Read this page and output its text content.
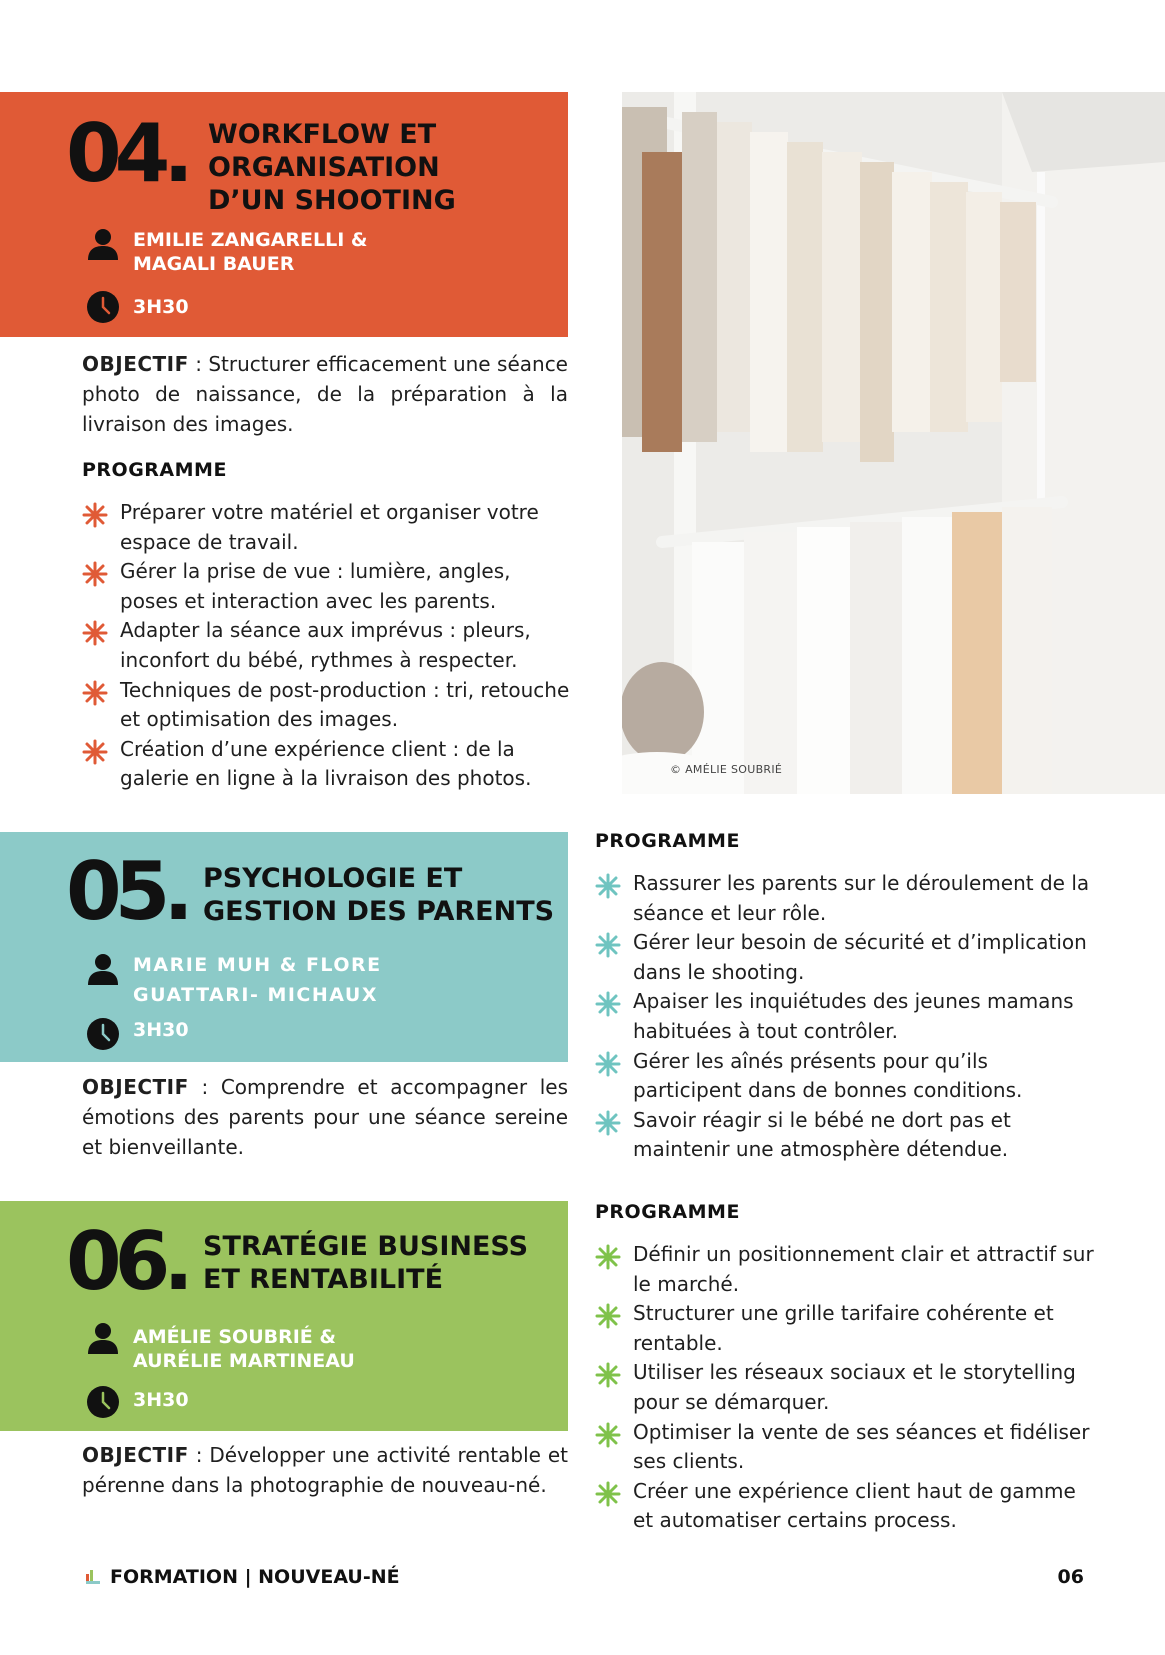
04. WORKFLOW ET
ORGANISATION
D’UN SHOOTING
EMILIE ZANGARELLI &
MAGALI BAUER
3H30

OBJECTIF : Structurer efficacement une séance photo de naissance, de la préparation à la livraison des images.

PROGRAMME
Préparer votre matériel et organiser votre espace de travail.
Gérer la prise de vue : lumière, angles, poses et interaction avec les parents.
Adapter la séance aux imprévus : pleurs, inconfort du bébé, rythmes à respecter.
Techniques de post-production : tri, retouche et optimisation des images.
Création d’une expérience client : de la galerie en ligne à la livraison des photos.	© AMÉLIE SOUBRIÉ
05. PSYCHOLOGIE ET
GESTION DES PARENTS
MARIE MUH & FLORE
GUATTARI- MICHAUX
3H30

OBJECTIF : Comprendre et accompagner les émotions des parents pour une séance sereine et bienveillante.

PROGRAMME
Rassurer les parents sur le déroulement de la séance et leur rôle.
Gérer leur besoin de sécurité et d’implication dans le shooting.
Apaiser les inquiétudes des jeunes mamans habituées à tout contrôler.
Gérer les aînés présents pour qu’ils participent dans de bonnes conditions.
Savoir réagir si le bébé ne dort pas et maintenir une atmosphère détendue.
06. STRATÉGIE BUSINESS
ET RENTABILITÉ
AMÉLIE SOUBRIÉ &
AURÉLIE MARTINEAU
3H30

OBJECTIF : Développer une activité rentable et pérenne dans la photographie de nouveau-né.

PROGRAMME
Définir un positionnement clair et attractif sur le marché.
Structurer une grille tarifaire cohérente et rentable.
Utiliser les réseaux sociaux et le storytelling pour se démarquer.
Optimiser la vente de ses séances et fidéliser ses clients.
Créer une expérience client haut de gamme et automatiser certains process.
FORMATION | NOUVEAU-NÉ	06
